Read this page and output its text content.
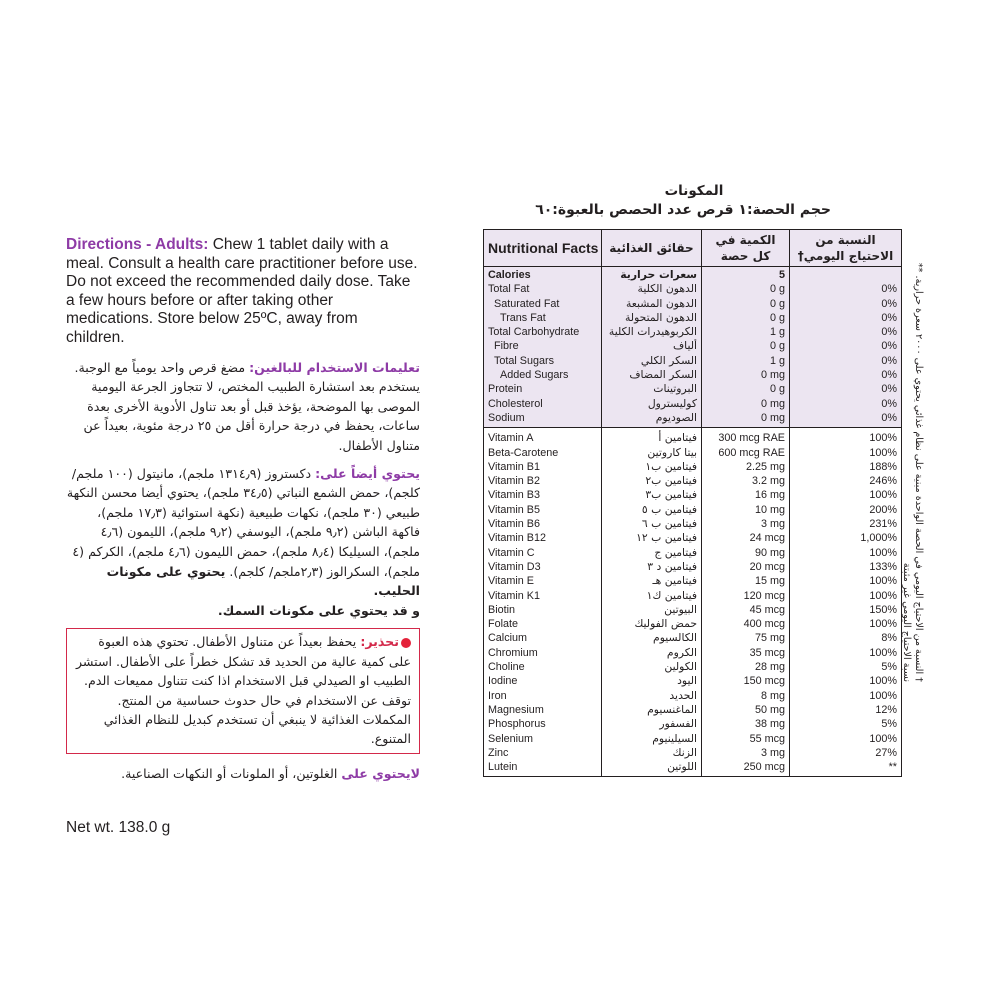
Directions - Adults: Chew 1 tablet daily with a meal. Consult a health care practitioner before use. Do not exceed the recommended daily dose. Take a few hours before or after taking other medications. Store below 25ºC, away from children.

تعليمات الاستخدام للبالغين: مضغ قرص واحد يومياً مع الوجبة. يستخدم بعد استشارة الطبيب المختص، لا تتجاوز الجرعة اليومية الموصى بها الموضحة، يؤخذ قبل أو بعد تناول الأدوية الأخرى بعدة ساعات، يحفظ في درجة حرارة أقل من ٢٥ درجة مئوية، بعيداً عن متناول الأطفال.

يحتوي أيضاً على: دكستروز (١٣١٤٫٩ ملجم)، مانيتول (١٠٠ ملجم/كلجم)، حمض الشمع النباتي (٣٤٫٥ ملجم)، يحتوي أيضا محسن النكهة طبيعي (٣٠ ملجم)، نكهات طبيعية (نكهة استوائية (١٧٫٣ ملجم)، فاكهة الباشن (٩٫٢ ملجم)، اليوسفي (٩٫٢ ملجم)، الليمون (٤٫٦ ملجم)، السيليكا (٨٫٤ ملجم)، حمض الليمون (٤٫٦ ملجم)، الكركم (٤ ملجم)، السكرالوز (٢٫٣ملجم/ كلجم). يحتوي على مكونات الحليب.
و قد يحتوي على مكونات السمك.

تحذير: يحفظ بعيداً عن متناول الأطفال. تحتوي هذه العبوة على كمية عالية من الحديد قد تشكل خطراً على الأطفال. استشر الطبيب او الصيدلي قبل الاستخدام اذا كنت تتناول مميعات الدم. توقف عن الاستخدام في حال حدوث حساسية من المنتج. المكملات الغذائية لا ينبغي أن تستخدم كبديل للنظام الغذائي المتنوع.

لايحتوي على الغلوتين، أو الملونات أو النكهات الصناعية.

Net wt. 138.0 g
المكونات
حجم الحصة:١ قرص عدد الحصص بالعبوة:٦٠
Nutritional Facts	حقائق الغذائية	الكمية في كل حصة	النسبة من الاحتياج اليومي†
Calories	سعرات حرارية	5	
Total Fat	الدهون الكلية	0 g	0%
Saturated Fat	الدهون المشبعة	0 g	0%
Trans Fat	الدهون المتحولة	0 g	0%
Total Carbohydrate	الكربوهيدرات الكلية	1 g	0%
Fibre	ألياف	0 g	0%
Total Sugars	السكر الكلي	1 g	0%
Added Sugars	السكر المضاف	0 mg	0%
Protein	البروتينات	0 g	0%
Cholesterol	كوليسترول	0 mg	0%
Sodium	الصوديوم	0 mg	0%
Vitamin A	فيتامين أ	300 mcg RAE	100%
Beta-Carotene	بيتا كاروتين	600 mcg RAE	100%
Vitamin B1	فيتامين ب١	2.25 mg	188%
Vitamin B2	فيتامين ب٢	3.2 mg	246%
Vitamin B3	فيتامين ب٣	16 mg	100%
Vitamin B5	فيتامين ب ٥	10 mg	200%
Vitamin B6	فيتامين ب ٦	3 mg	231%
Vitamin B12	فيتامين ب ١٢	24 mcg	1,000%
Vitamin C	فيتامين ج	90 mg	100%
Vitamin D3	فيتامين د ٣	20 mcg	133%
Vitamin E	فيتامين هـ	15 mg	100%
Vitamin K1	فيتامين ك١	120 mcg	100%
Biotin	البيوتين	45 mcg	150%
Folate	حمض الفوليك	400 mcg	100%
Calcium	الكالسيوم	75 mg	8%
Chromium	الكروم	35 mcg	100%
Choline	الكولين	28 mg	5%
Iodine	اليود	150 mcg	100%
Iron	الحديد	8 mg	100%
Magnesium	الماغنسيوم	50 mg	12%
Phosphorus	الفسفور	38 mg	5%
Selenium	السيلينيوم	55 mcg	100%
Zinc	الزنك	3 mg	27%
Lutein	اللوتين	250 mcg	**
† النسبة من الاحتياج اليومي في الحصة الواحدة مبنية على نظام غذائي يحتوي على ٢٠٠٠ سعرة حرارية. ** نسبة الاحتياج اليومي غير مثبتة
